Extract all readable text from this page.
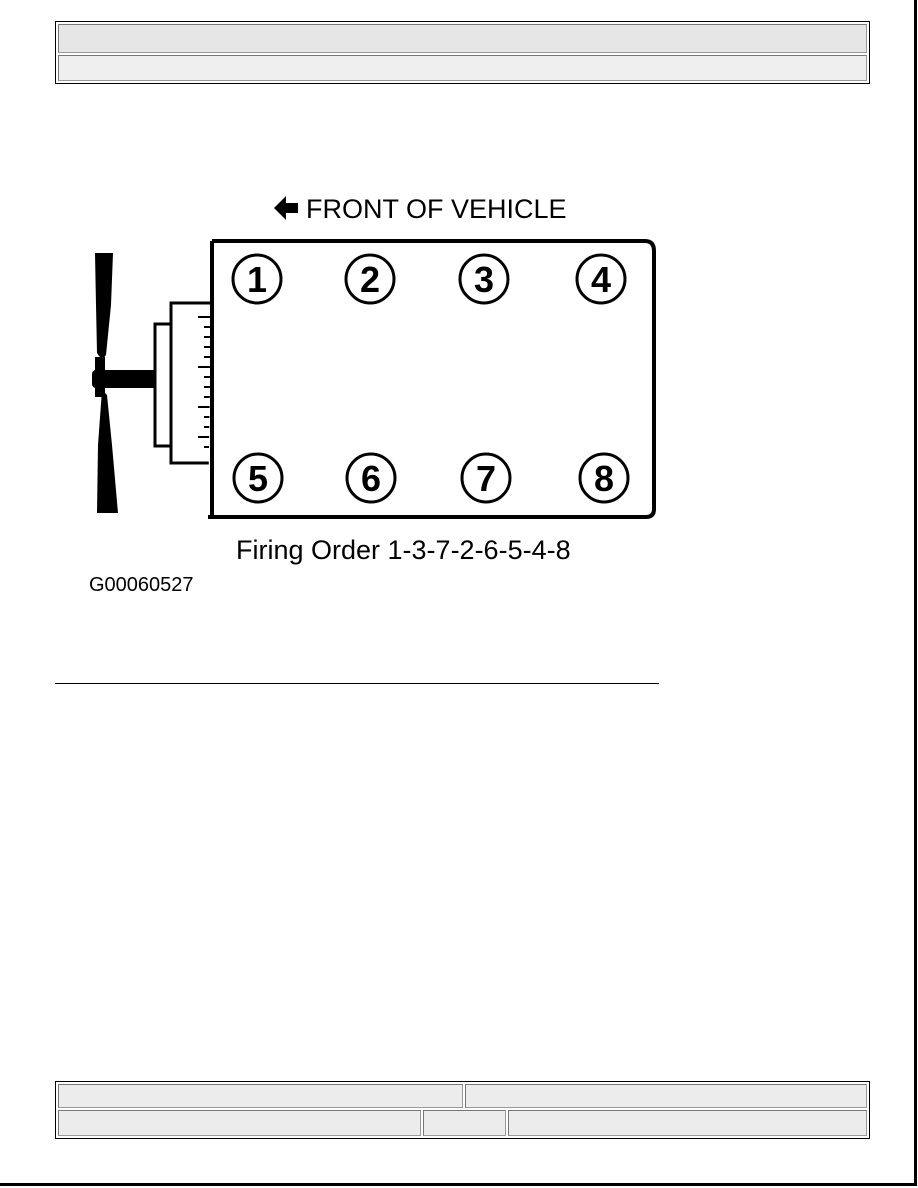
FRONT OF VEHICLE
1	2	3	4
5	6	7	8
Firing Order 1-3-7-2-6-5-4-8
G00060527
